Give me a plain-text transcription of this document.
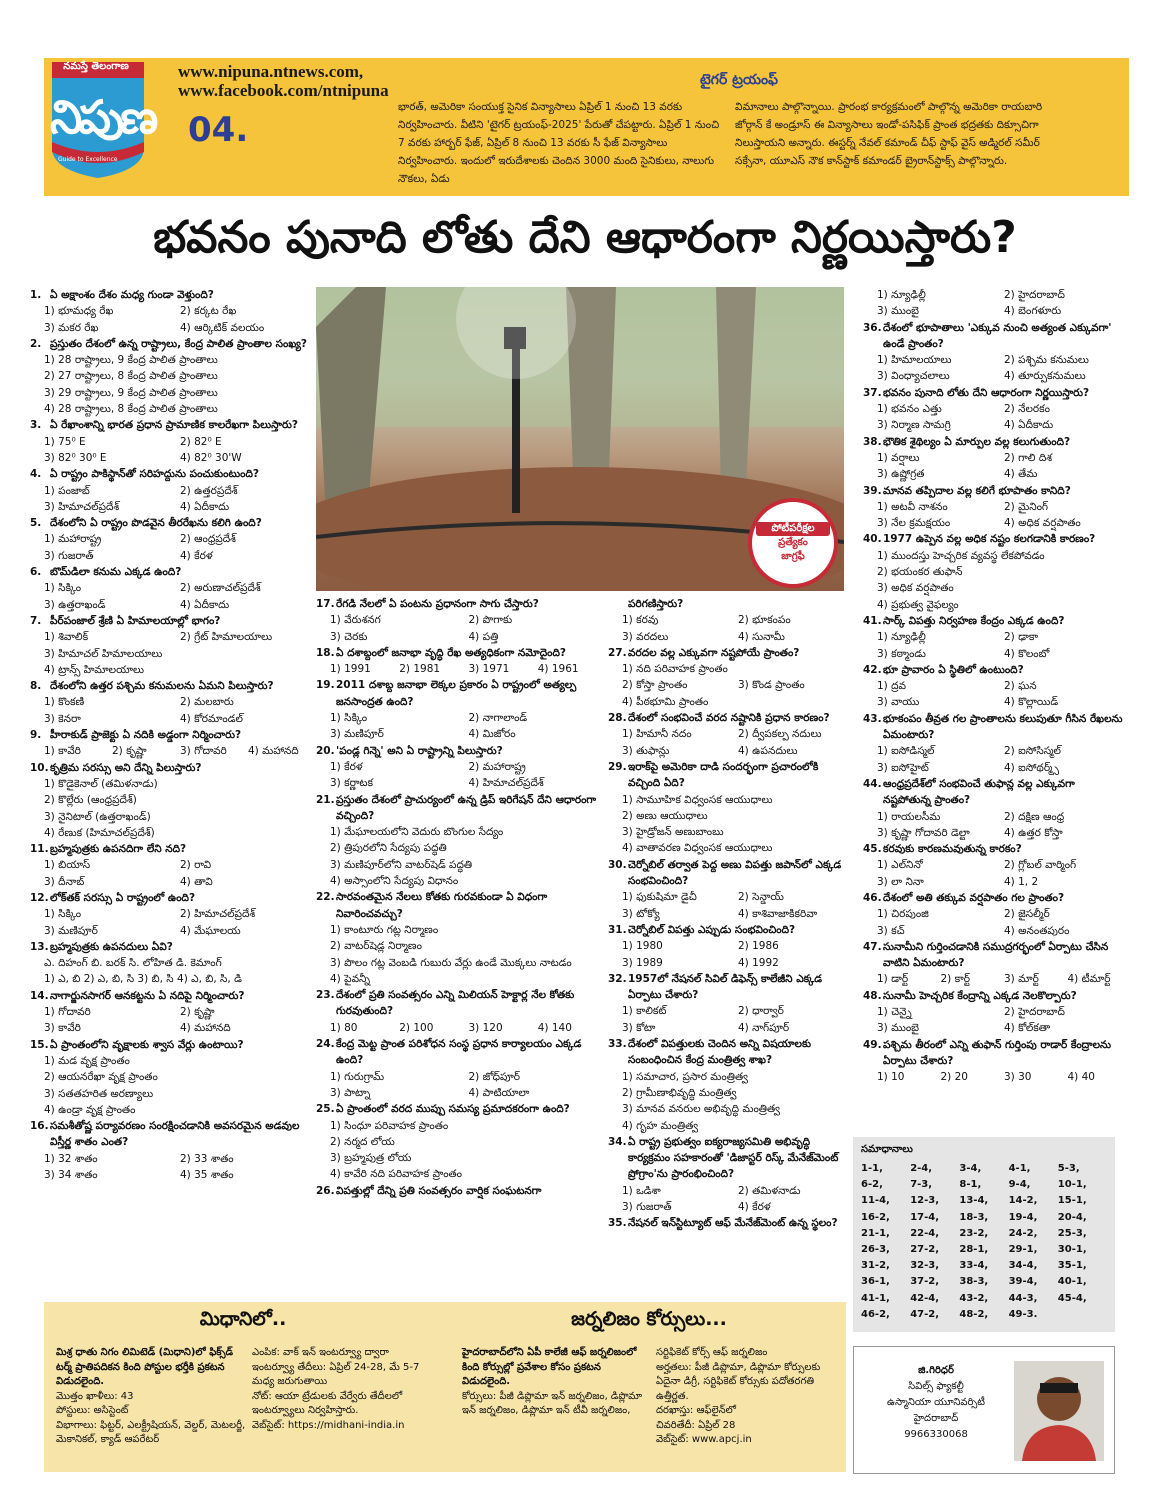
నమస్తే తెలంగాణ
నిపుణ
Guide to Excellence
04.
www.nipuna.ntnews.com,
www.facebook.com/ntnipuna
టైగర్ ట్రయంఫ్
భారత్, అమెరికా సంయుక్త సైనిక విన్యాసాలు ఏప్రిల్ 1 నుంచి 13 వరకు నిర్వహించారు. వీటిని 'టైగర్ ట్రయంఫ్-2025' పేరుతో చేపట్టారు. ఏప్రిల్ 1 నుంచి 7 వరకు హార్బర్ ఫేజ్, ఏప్రిల్ 8 నుంచి 13 వరకు సీ ఫేజ్ విన్యాసాలు నిర్వహించారు. ఇందులో ఇరుదేశాలకు చెందిన 3000 మంది సైనికులు, నాలుగు నౌకలు, ఏడు
విమానాలు పాల్గొన్నాయి. ప్రారంభ కార్యక్రమంలో పాల్గొన్న అమెరికా రాయబారి జోర్గాన్ కే అండ్రూస్ ఈ విన్యాసాలు ఇండో-పసిఫిక్ ప్రాంత భద్రతకు దిక్సూచిగా నిలుస్తాయని అన్నారు. ఈస్టర్న్ నేవల్ కమాండ్ చీఫ్ స్టాఫ్ వైస్ అడ్మిరల్ సమీర్ సక్సేనా, యూఎస్ నౌక కాన్‌స్టాక్ కమాండర్ బ్రైరాన్‌స్టాక్స్ పాల్గొన్నారు.
భవనం పునాది లోతు దేని ఆధారంగా నిర్ణయిస్తారు?
1. ఏ అక్షాంశం దేశం మధ్య గుండా వెళ్తుంది?
1) భూమధ్య రేఖ	2) కర్కట రేఖ
3) మకర రేఖ	4) ఆర్కిటిక్ వలయం
2. ప్రస్తుతం దేశంలో ఉన్న రాష్ట్రాలు, కేంద్ర పాలిత ప్రాంతాల సంఖ్య?
1) 28 రాష్ట్రాలు, 9 కేంద్ర పాలిత ప్రాంతాలు
2) 27 రాష్ట్రాలు, 8 కేంద్ర పాలిత ప్రాంతాలు
3) 29 రాష్ట్రాలు, 9 కేంద్ర పాలిత ప్రాంతాలు
4) 28 రాష్ట్రాలు, 8 కేంద్ర పాలిత ప్రాంతాలు
3. ఏ రేఖాంశాన్ని భారత ప్రధాన ప్రామాణిక కాలరేఖగా పిలుస్తారు?
1) 75⁰ E	2) 82⁰ E
3) 82⁰ 30⁰ E	4) 82⁰ 30'W
4. ఏ రాష్ట్రం పాకిస్థాన్‌తో సరిహద్దును పంచుకుంటుంది?
1) పంజాబ్	2) ఉత్తరప్రదేశ్
3) హిమాచల్‌ప్రదేశ్	4) ఏదీకాదు
5. దేశంలోని ఏ రాష్ట్రం పొడవైన తీరరేఖను కలిగి ఉంది?
1) మహారాష్ట్ర	2) ఆంధ్రప్రదేశ్
3) గుజరాత్	4) కేరళ
6. బొమ్‌డిలా కనుమ ఎక్కడ ఉంది?
1) సిక్కిం	2) అరుణాచల్‌ప్రదేశ్
3) ఉత్తరాఖండ్	4) ఏదీకాదు
7. పీర్‌పంజాల్ శ్రేణి ఏ హిమాలయాల్లో భాగం?
1) శివాలిక్	2) గ్రేట్ హిమాలయాలు
3) హిమాచల్ హిమాలయాలు
4) ట్రాన్స్ హిమాలయాలు
8. దేశంలోని ఉత్తర పశ్చిమ కనుమలను ఏమని పిలుస్తారు?
1) కొంకణి	2) మలబారు
3) కెనరా	4) కోరమాండల్
9. హీరాకుడ్ ప్రాజెక్టు ఏ నదికి అడ్డంగా నిర్మించారు?
1) కావేరి	2) కృష్ణా	3) గోదావరి	4) మహానది
10.కృత్రిమ సరస్సు అని దేన్ని పిలుస్తారు?
1) కొడైకెనాల్ (తమిళనాడు)
2) కొల్లేరు (ఆంధ్రప్రదేశ్)
3) నైనిటాల్ (ఉత్తరాఖండ్)
4) రేణుక (హిమాచల్‌ప్రదేశ్)
11.బ్రహ్మపుత్రకు ఉపనదిగా లేని నది?
1) బియాస్	2) రావి
3) దీనాబ్	4) తావి
12.లోక్‌తక్ సరస్సు ఏ రాష్ట్రంలో ఉంది?
1) సిక్కిం	2) హిమాచల్‌ప్రదేశ్
3) మణిపూర్	4) మేఘాలయ
13.బ్రహ్మపుత్రకు ఉపనదులు ఏవి?
ఎ. దిహంగ్ బి. బరక్ సి. లోహిత డి. కెమాంగ్
1) ఎ, బి 2) ఎ, బి, సి 3) బి, సి 4) ఎ, బి, సి, డి
14.నాగార్జునసాగర్ ఆనకట్టను ఏ నదిపై నిర్మించారు?
1) గోదావరి	2) కృష్ణా
3) కావేరి	4) మహానది
15.ఏ ప్రాంతంలోని వృక్షాలకు శ్వాస వేర్లు ఉంటాయి?
1) మడ వృక్ష ప్రాంతం
2) ఆయనరేఖా వృక్ష ప్రాంతం
3) సతతహరిత అరణ్యాలు
4) ఉండ్రా వృక్ష ప్రాంతం
16.సమశీతోష్ణ పర్యావరణం సంరక్షించడానికి అవసరమైన అడవుల విస్తీర్ణ శాతం ఎంత?
1) 32 శాతం	2) 33 శాతం
3) 34 శాతం	4) 35 శాతం
17.రేగడి నేలలో ఏ పంటను ప్రధానంగా సాగు చేస్తారు?
1) వేరుశనగ	2) పొగాకు
3) చెరకు	4) పత్తి
18.ఏ దశాబ్దంలో జనాభా వృద్ధి రేఖ అత్యధికంగా నమోదైంది?
1) 1991	2) 1981	3) 1971	4) 1961
19.2011 దశాబ్ద జనాభా లెక్కల ప్రకారం ఏ రాష్ట్రంలో అత్యల్ప జనసాంద్రత ఉంది?
1) సిక్కిం	2) నాగాలాండ్
3) మణిపూర్	4) మిజోరం
20.'పండ్ల గిన్నె' అని ఏ రాష్ట్రాన్ని పిలుస్తారు?
1) కేరళ	2) మహారాష్ట్ర
3) కర్ణాటక	4) హిమాచల్‌ప్రదేశ్
21.ప్రస్తుతం దేశంలో ప్రాచుర్యంలో ఉన్న డ్రిప్ ఇరిగేషన్ దేని ఆధారంగా వచ్చింది?
1) మేఘాలయలోని వెదురు బొంగుల సేద్యం
2) త్రిపురలోని సేద్యపు పద్ధతి
3) మణిపూర్‌లోని వాటర్‌షెడ్ పద్ధతి
4) అస్సాంలోని సేద్యపు విధానం
22.సారవంతమైన నేలలు కోతకు గురవకుండా ఏ విధంగా నివారించవచ్చు?
1) కాంటూరు గట్ల నిర్మాణం
2) వాటర్‌షెడ్ల నిర్మాణం
3) పొలం గట్ల వెంబడి గుబురు వేర్లు ఉండే మొక్కలు నాటడం
4) పైవన్నీ
23.దేశంలో ప్రతి సంవత్సరం ఎన్ని మిలియన్ హెక్టార్ల నేల కోతకు గురవుతుంది?
1) 80	2) 100	3) 120	4) 140
24.కేంద్ర మెట్ట ప్రాంత పరిశోధన సంస్థ ప్రధాన కార్యాలయం ఎక్కడ ఉంది?
1) గురుగ్రామ్	2) జోధ్‌పూర్
3) పాట్నా	4) పాటియాలా
25.ఏ ప్రాంతంలో వరద ముప్పు సమస్య ప్రమాదకరంగా ఉంది?
1) సింధూ పరివాహక ప్రాంతం
2) నర్మద లోయ
3) బ్రహ్మపుత్ర లోయ
4) కావేరి నది పరివాహక ప్రాంతం
26.విపత్తుల్లో దేన్ని ప్రతి సంవత్సరం వార్షిక సంఘటనగా
పరిగణిస్తారు?
1) కరవు	2) భూకంపం
3) వరదలు	4) సునామీ
27.వరదల వల్ల ఎక్కువగా నష్టపోయే ప్రాంతం?
1) నది పరివాహక ప్రాంతం
2) కోస్తా ప్రాంతం	3) కొండ ప్రాంతం
4) పీఠభూమి ప్రాంతం
28.దేశంలో సంభవించే వరద నష్టానికి ప్రధాన కారణం?
1) హిమానీ నదం	2) ద్వీపకల్ప నదులు
3) తుఫాన్లు	4) ఉపనదులు
29.ఇరాక్‌పై అమెరికా దాడి సందర్భంగా ప్రచారంలోకి వచ్చింది ఏది?
1) సామూహిక విధ్వంసక ఆయుధాలు
2) అణు ఆయుధాలు
3) హైడ్రోజన్ అణుబాంబు
4) వాతావరణ విధ్వంసక ఆయుధాలు
30.చెర్నోబిల్ తర్వాత పెద్ద అణు విపత్తు జపాన్‌లో ఎక్కడ సంభవించింది?
1) ఫుకుషిమా డైచీ	2) సెన్డాయ్
3) టోక్యో	4) కాశివాజాకికరివా
31.చెర్నోబిల్ విపత్తు ఎప్పుడు సంభవించింది?
1) 1980	2) 1986
3) 1989	4) 1992
32.1957లో నేషనల్ సివిల్ డిఫెన్స్ కాలేజీని ఎక్కడ ఏర్పాటు చేశారు?
1) కాలికట్	2) ధార్వార్
3) కోటా	4) నాగ్‌పూర్
33.దేశంలో విపత్తులకు చెందిన అన్ని విషయాలకు సంబంధించిన కేంద్ర మంత్రిత్వ శాఖ?
1) సమాచార, ప్రసార మంత్రిత్వ
2) గ్రామీణాభివృద్ధి మంత్రిత్వ
3) మానవ వనరుల అభివృద్ధి మంత్రిత్వ
4) గృహ మంత్రిత్వ
34.ఏ రాష్ట్ర ప్రభుత్వం ఐక్యరాజ్యసమితి అభివృద్ధి కార్యక్రమం సహకారంతో 'డిజాస్టర్ రిస్క్ మేనేజ్‌మెంట్ ప్రోగ్రాం'ను ప్రారంభించింది?
1) ఒడిశా	2) తమిళనాడు
3) గుజరాత్	4) కేరళ
35.నేషనల్ ఇన్‌స్టిట్యూట్ ఆఫ్ మేనేజ్‌మెంట్ ఉన్న స్థలం?
1) న్యూఢిల్లీ	2) హైదరాబాద్
3) ముంబై	4) బెంగళూరు
36.దేశంలో భూపాతాలు 'ఎక్కువ నుంచి అత్యంత ఎక్కువగా' ఉండే ప్రాంతం?
1) హిమాలయాలు	2) పశ్చిమ కనుమలు
3) వింధ్యాచలాలు	4) తూర్పుకనుమలు
37.భవనం పునాది లోతు దేని ఆధారంగా నిర్ణయిస్తారు?
1) భవనం ఎత్తు	2) నేలరకం
3) నిర్మాణ సామగ్రి	4) ఏదీకాదు
38.భౌతిక శైథిల్యం ఏ మార్పుల వల్ల కలుగుతుంది?
1) వర్షాలు	2) గాలి దిశ
3) ఉష్ణోగ్రత	4) తేమ
39.మానవ తప్పిదాల వల్ల కలిగే భూపాతం కానిది?
1) అటవీ నాశనం	2) మైనింగ్
3) నేల క్రమక్షయం	4) అధిక వర్షపాతం
40.1977 ఉప్పెన వల్ల అధిక నష్టం కలగడానికి కారణం?
1) ముందస్తు హెచ్చరిక వ్యవస్థ లేకపోవడం
2) భయంకర తుఫాన్
3) అధిక వర్షపాతం
4) ప్రభుత్వ వైఫల్యం
41.సార్క్ విపత్తు నిర్వహణ కేంద్రం ఎక్కడ ఉంది?
1) న్యూఢిల్లీ	2) ఢాకా
3) కఠ్మాండు	4) కొలంబో
42.భూ ప్రావారం ఏ స్థితిలో ఉంటుంది?
1) ద్రవ	2) ఘన
3) వాయు	4) కొల్లాయిడ్
43.భూకంపం తీవ్రత గల ప్రాంతాలను కలుపుతూ గీసిన రేఖలను ఏమంటారు?
1) ఐసోడిస్మల్	2) ఐసోసిస్మల్
3) ఐసోహైట్	4) ఐసోథర్మ్స్
44.ఆంధ్రప్రదేశ్‌లో సంభవించే తుఫాన్ల వల్ల ఎక్కువగా నష్టపోతున్న ప్రాంతం?
1) రాయలసీమ	2) దక్షిణ ఆంధ్ర
3) కృష్ణా గోదావరి డెల్టా	4) ఉత్తర కోస్తా
45.కరవుకు కారణమవుతున్న కారకం?
1) ఎల్‌నినో	2) గ్లోబల్ వార్మింగ్
3) లా నినా	4) 1, 2
46.దేశంలో అతి తక్కువ వర్షపాతం గల ప్రాంతం?
1) చిరపుంజి	2) జైసల్మీర్
3) కచ్	4) అనంతపురం
47.సునామీని గుర్తించడానికి సముద్రగర్భంలో ఏర్పాటు చేసిన వాటిని ఏమంటారు?
1) డార్ట్	2) కార్ట్	3) మార్ట్	4) టీమార్ట్
48.సునామీ హెచ్చరిక కేంద్రాన్ని ఎక్కడ నెలకొల్పారు?
1) చెన్నై	2) హైదరాబాద్
3) ముంబై	4) కోల్‌కతా
49.పశ్చిమ తీరంలో ఎన్ని తుఫాన్ గుర్తింపు రాడార్ కేంద్రాలను ఏర్పాటు చేశారు?
1) 10	2) 20	3) 30	4) 40
పోటీపరీక్షల
ప్రత్యేకం
జాగ్రఫీ
సమాధానాలు
1-1,	2-4,	3-4,	4-1,	5-3,
6-2,	7-3,	8-1,	9-4,	10-1,
11-4,	12-3,	13-4,	14-2,	15-1,
16-2,	17-4,	18-3,	19-4,	20-4,
21-1,	22-4,	23-2,	24-2,	25-3,
26-3,	27-2,	28-1,	29-1,	30-1,
31-2,	32-3,	33-4,	34-4,	35-1,
36-1,	37-2,	38-3,	39-4,	40-1,
41-1,	42-4,	43-2,	44-3,	45-4,
46-2,	47-2,	48-2,	49-3.
జి.గిరిధర్
సివిల్స్ ఫ్యాకల్టీ
ఉస్మానియా యూనివర్సిటీ
హైదరాబాద్
9966330068
మిధానిలో..
మిశ్ర ధాతు నిగం లిమిటెడ్ (మిధాని)లో ఫిక్స్‌డ్ టర్మ్ ప్రాతిపదికన కింది పోస్టుల భర్తీకి ప్రకటన విడుదలైంది.
మొత్తం ఖాళీలు: 43
పోస్టులు: అసిస్టెంట్
విభాగాలు: ఫిట్టర్, ఎలక్ట్రీషియన్, వెల్డర్, మెటలర్జీ, మెకానికల్, క్యాడ్ ఆపరేటర్
ఎంపిక: వాక్ ఇన్ ఇంటర్వ్యూ ద్వారా
ఇంటర్వ్యూ తేదీలు: ఏప్రిల్ 24-28, మే 5-7 మధ్య జరుగుతాయి
నోట్: ఆయా ట్రేడులకు వేర్వేరు తేదీలలో ఇంటర్వ్యూలు నిర్వహిస్తారు.
వెబ్‌సైట్: https://midhani-india.in
జర్నలిజం కోర్సులు...
హైదరాబాద్‌లోని ఏపీ కాలేజీ ఆఫ్ జర్నలిజంలో కింది కోర్సుల్లో ప్రవేశాల కోసం ప్రకటన విడుదలైంది.
కోర్సులు: పీజీ డిప్లొమా ఇన్ జర్నలిజం, డిప్లొమా ఇన్ జర్నలిజం, డిప్లొమా ఇన్ టీవీ జర్నలిజం,
సర్టిఫికెట్ కోర్స్ ఆఫ్ జర్నలిజం
అర్హతలు: పీజీ డిప్లొమా, డిప్లొమా కోర్సులకు ఏదైనా డిగ్రీ, సర్టిఫికెట్ కోర్సుకు పదోతరగతి ఉత్తీర్ణత.
దరఖాస్తు: ఆఫ్‌లైన్‌లో
చివరితేదీ: ఏప్రిల్ 28
వెబ్‌సైట్: www.apcj.in
